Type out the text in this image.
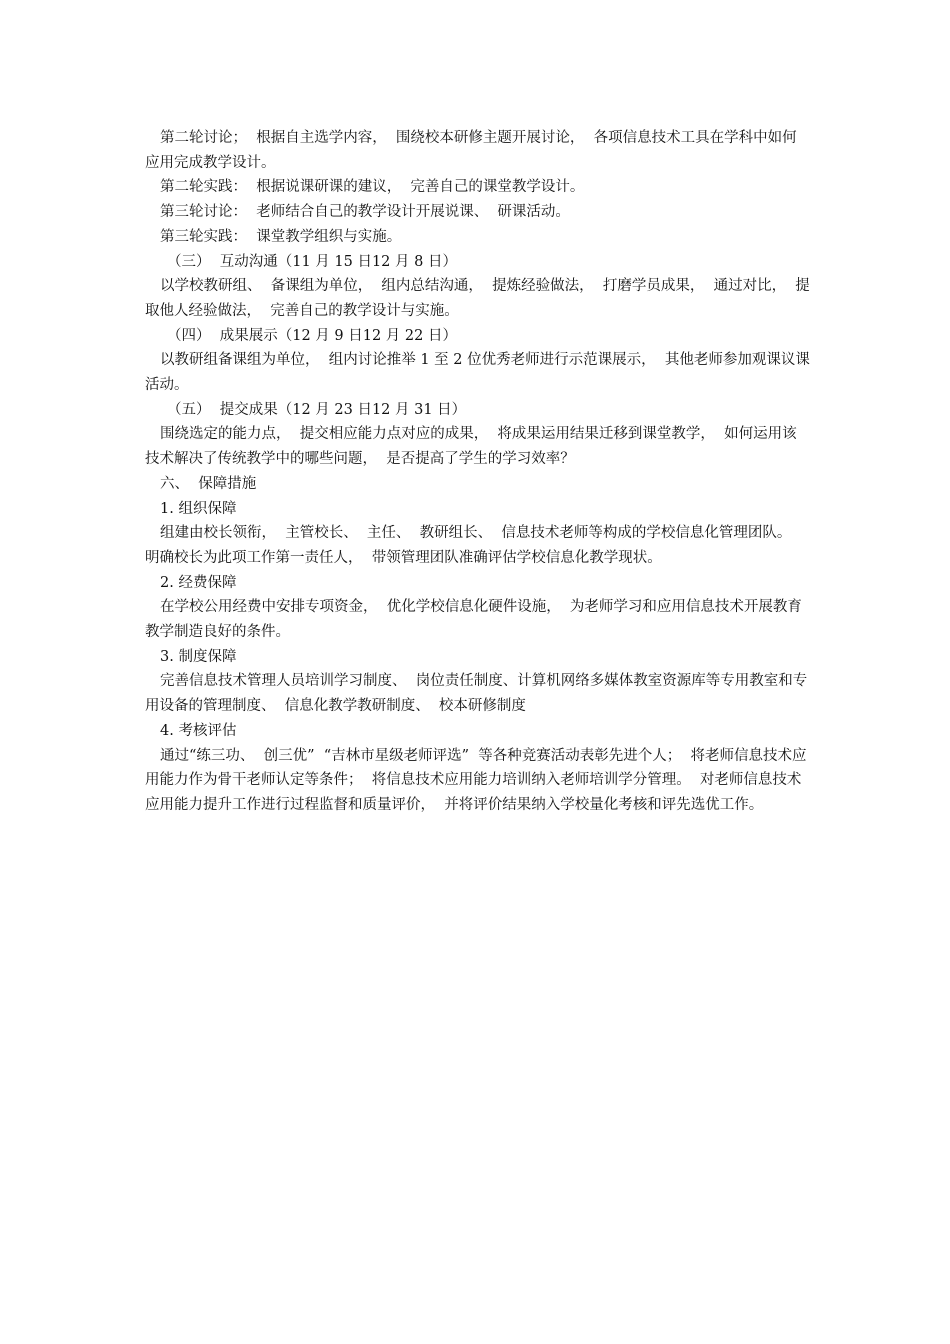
第二轮讨论；  根据自主选学内容，  围绕校本研修主题开展讨论，  各项信息技术工具在学科中如何应用完成教学设计。

第二轮实践：  根据说课研课的建议，  完善自己的课堂教学设计。

第三轮讨论：  老师结合自己的教学设计开展说课、  研课活动。

第三轮实践：  课堂教学组织与实施。

（三）  互动沟通（11 月 15 日12 月 8 日）

以学校教研组、  备课组为单位，  组内总结沟通，  提炼经验做法，  打磨学员成果，  通过对比，  提取他人经验做法，  完善自己的教学设计与实施。

（四）  成果展示（12 月 9 日12 月 22 日）

以教研组备课组为单位，  组内讨论推举 1 至 2 位优秀老师进行示范课展示，  其他老师参加观课议课活动。

（五）  提交成果（12 月 23 日12 月 31 日）

围绕选定的能力点，  提交相应能力点对应的成果，  将成果运用结果迁移到课堂教学，  如何运用该技术解决了传统教学中的哪些问题，  是否提高了学生的学习效率？

六、  保障措施

1. 组织保障

组建由校长领衔，  主管校长、  主任、  教研组长、  信息技术老师等构成的学校信息化管理团队。  明确校长为此项工作第一责任人，  带领管理团队准确评估学校信息化教学现状。

2. 经费保障

在学校公用经费中安排专项资金，  优化学校信息化硬件设施，  为老师学习和应用信息技术开展教育教学制造良好的条件。

3. 制度保障

完善信息技术管理人员培训学习制度、  岗位责任制度、计算机网络多媒体教室资源库等专用教室和专用设备的管理制度、  信息化教学教研制度、  校本研修制度

4. 考核评估

通过“练三功、  创三优”  “吉林市星级老师评选”  等各种竞赛活动表彰先进个人；  将老师信息技术应用能力作为骨干老师认定等条件；  将信息技术应用能力培训纳入老师培训学分管理。  对老师信息技术应用能力提升工作进行过程监督和质量评价，  并将评价结果纳入学校量化考核和评先选优工作。
